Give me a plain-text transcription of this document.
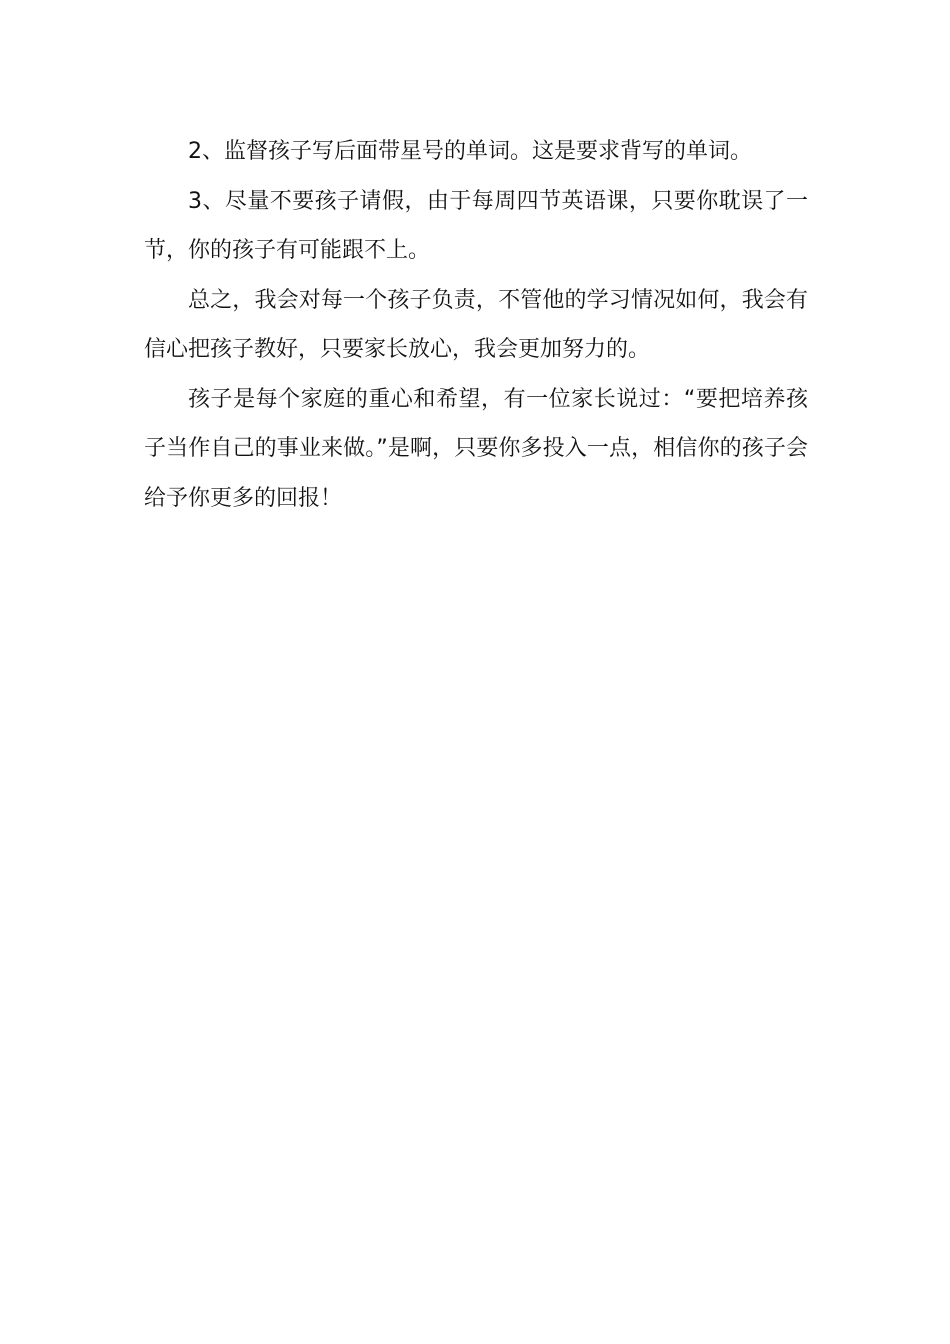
2、监督孩子写后面带星号的单词。这是要求背写的单词。

3、尽量不要孩子请假，由于每周四节英语课，只要你耽误了一节，你的孩子有可能跟不上。

总之，我会对每一个孩子负责，不管他的学习情况如何，我会有信心把孩子教好，只要家长放心，我会更加努力的。

孩子是每个家庭的重心和希望，有一位家长说过：“要把培养孩子当作自己的事业来做。”是啊，只要你多投入一点，相信你的孩子会给予你更多的回报！
